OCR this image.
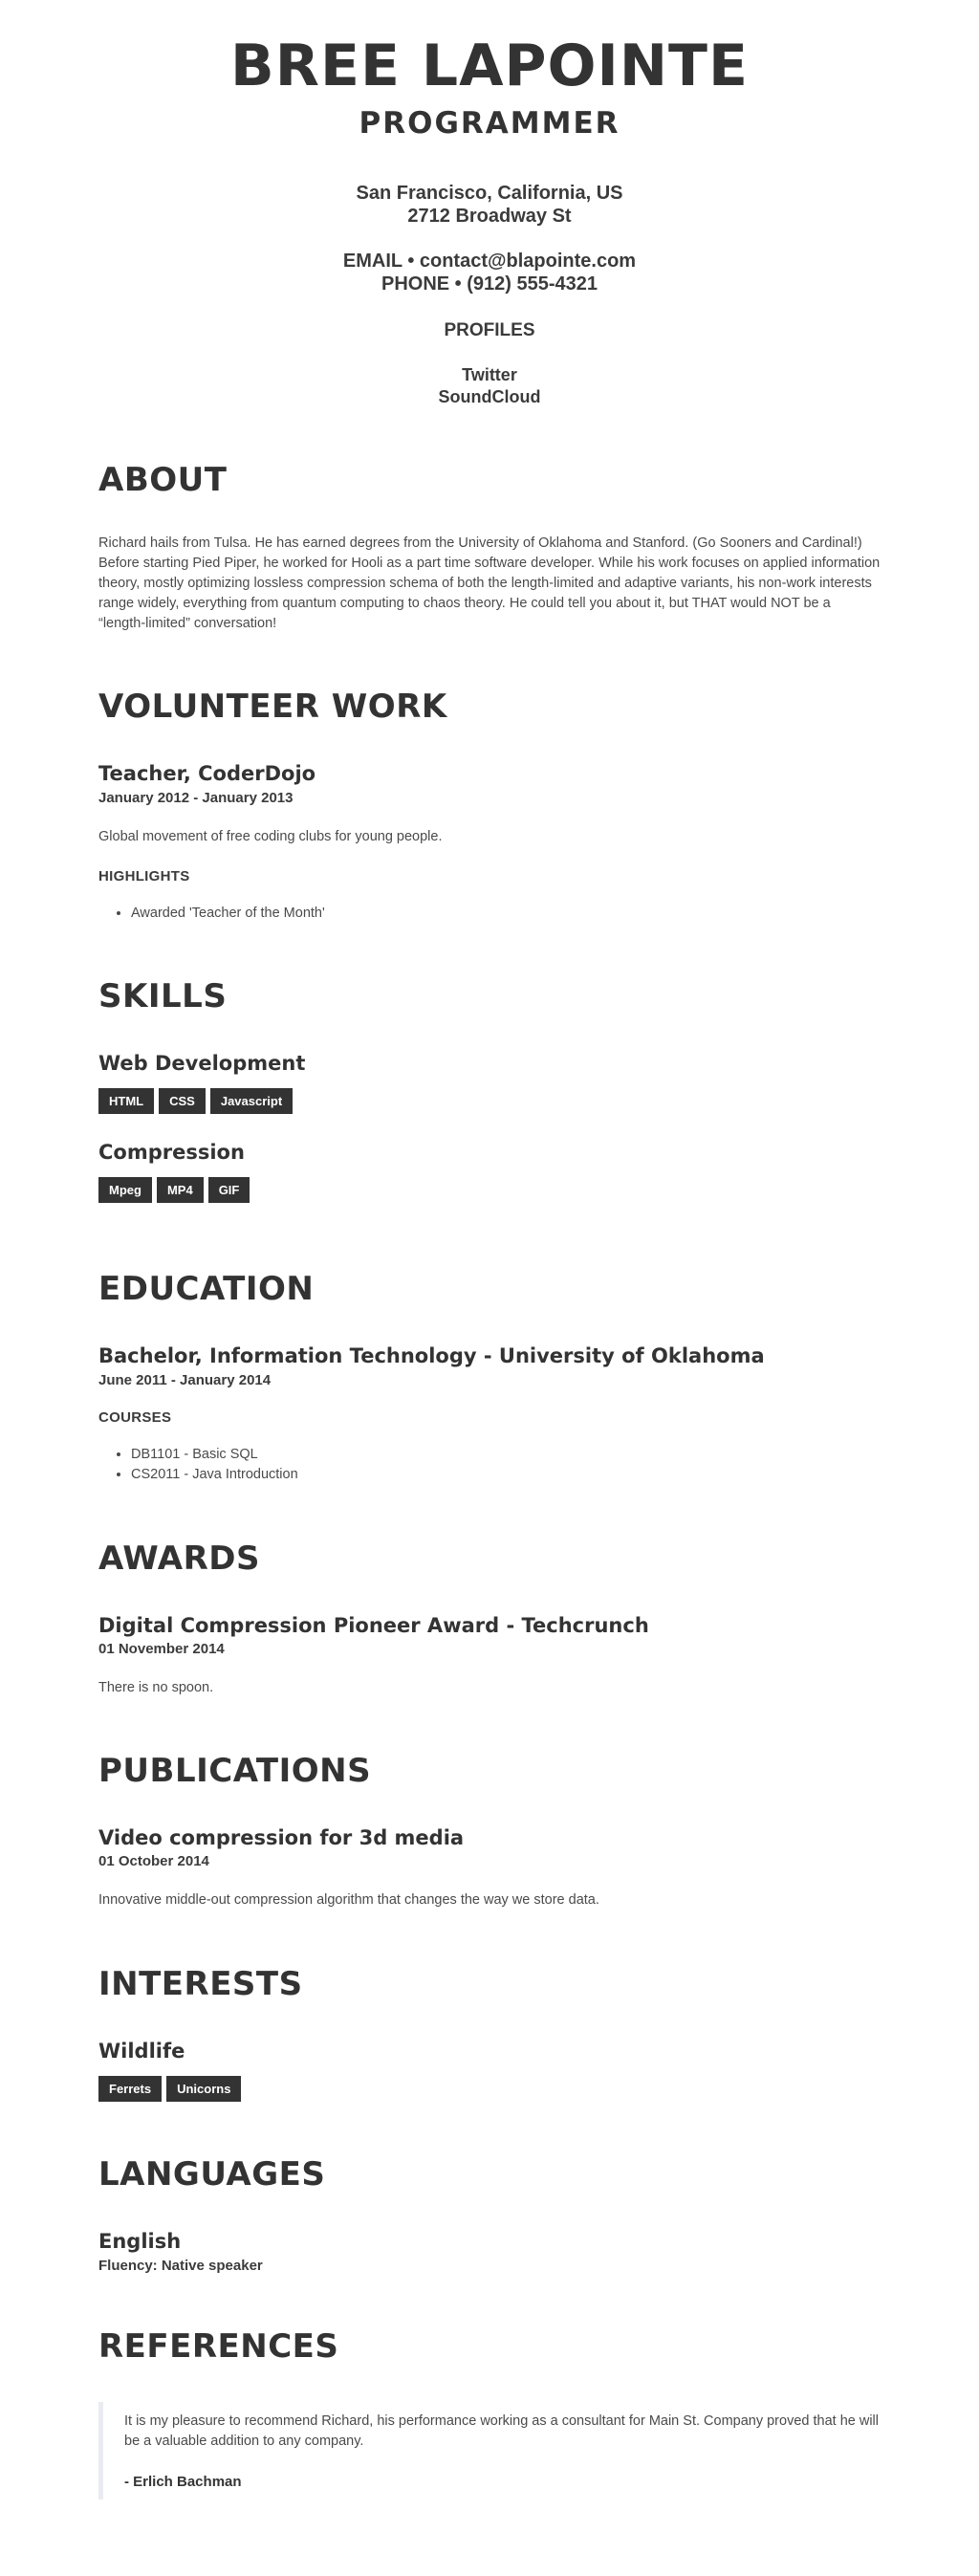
BREE LAPOINTE
PROGRAMMER
San Francisco, California, US
2712 Broadway St
EMAIL • contact@blapointe.com
PHONE • (912) 555-4321
PROFILES
Twitter
SoundCloud
ABOUT

Richard hails from Tulsa. He has earned degrees from the University of Oklahoma and Stanford. (Go Sooners and Cardinal!) Before starting Pied Piper, he worked for Hooli as a part time software developer. While his work focuses on applied information theory, mostly optimizing lossless compression schema of both the length-limited and adaptive variants, his non-work interests range widely, everything from quantum computing to chaos theory. He could tell you about it, but THAT would NOT be a “length-limited” conversation!

VOLUNTEER WORK
Teacher, CoderDojo
January 2012 - January 2013

Global movement of free coding clubs for young people.

HIGHLIGHTS
• Awarded 'Teacher of the Month'
SKILLS
Web Development
HTML	CSS	Javascript
Compression
Mpeg	MP4	GIF
EDUCATION
Bachelor, Information Technology - University of Oklahoma
June 2011 - January 2014
COURSES
• DB1101 - Basic SQL
• CS2011 - Java Introduction
AWARDS
Digital Compression Pioneer Award - Techcrunch
01 November 2014

There is no spoon.

PUBLICATIONS
Video compression for 3d media
01 October 2014

Innovative middle-out compression algorithm that changes the way we store data.

INTERESTS
Wildlife
Ferrets	Unicorns
LANGUAGES
English
Fluency: Native speaker
REFERENCES

It is my pleasure to recommend Richard, his performance working as a consultant for Main St. Company proved that he will be a valuable addition to any company.

- Erlich Bachman
